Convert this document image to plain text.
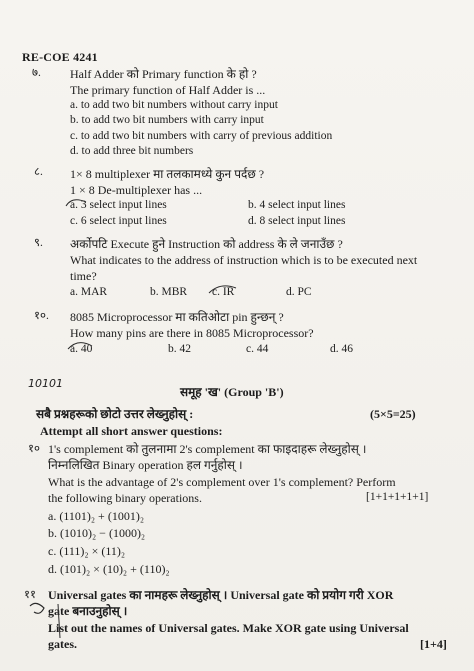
RE-COE 4241
७. Half Adder को Primary function के हो ?
The primary function of Half Adder is ...
a. to add two bit numbers without carry input
b. to add two bit numbers with carry input
c. to add two bit numbers with carry of previous addition
d. to add three bit numbers
८. 1× 8 multiplexer मा तलकामध्ये कुन पर्दछ ?
1 × 8 De-multiplexer has ...
a. 3 select input lines	b. 4 select input lines
c. 6 select input lines	d. 8 select input lines
९. अर्कोपटि Execute हुने Instruction को address के ले जनाउँछ ?
What indicates to the address of instruction which is to be executed next
time?
a. MAR	b. MBR c. IR	d. PC
१०. 8085 Microprocessor मा कतिओटा pin हुन्छन् ?
How many pins are there in 8085 Microprocessor?
a. 40	b. 42	c. 44	d. 46
10101
समूह 'ख' (Group 'B')
सबै प्रश्नहरूको छोटो उत्तर लेख्नुहोस् :	(5×5=25)
Attempt all short answer questions:
१० 1's complement को तुलनामा 2's complement का फाइदाहरू लेख्नुहोस् ।
निम्नलिखित Binary operation हल गर्नुहोस् ।
What is the advantage of 2's complement over 1's complement? Perform
the following binary operations.	[1+1+1+1+1]
a. (1101)₂ + (1001)₂
b. (1010)₂ − (1000)₂
c. (111)₂ × (11)₂
d. (101)₂ × (10)₂ + (110)₂
११ Universal gates का नामहरू लेख्नुहोस् । Universal gate को प्रयोग गरी XOR
gate बनाउनुहोस् ।
List out the names of Universal gates. Make XOR gate using Universal
gates.	[1+4]
